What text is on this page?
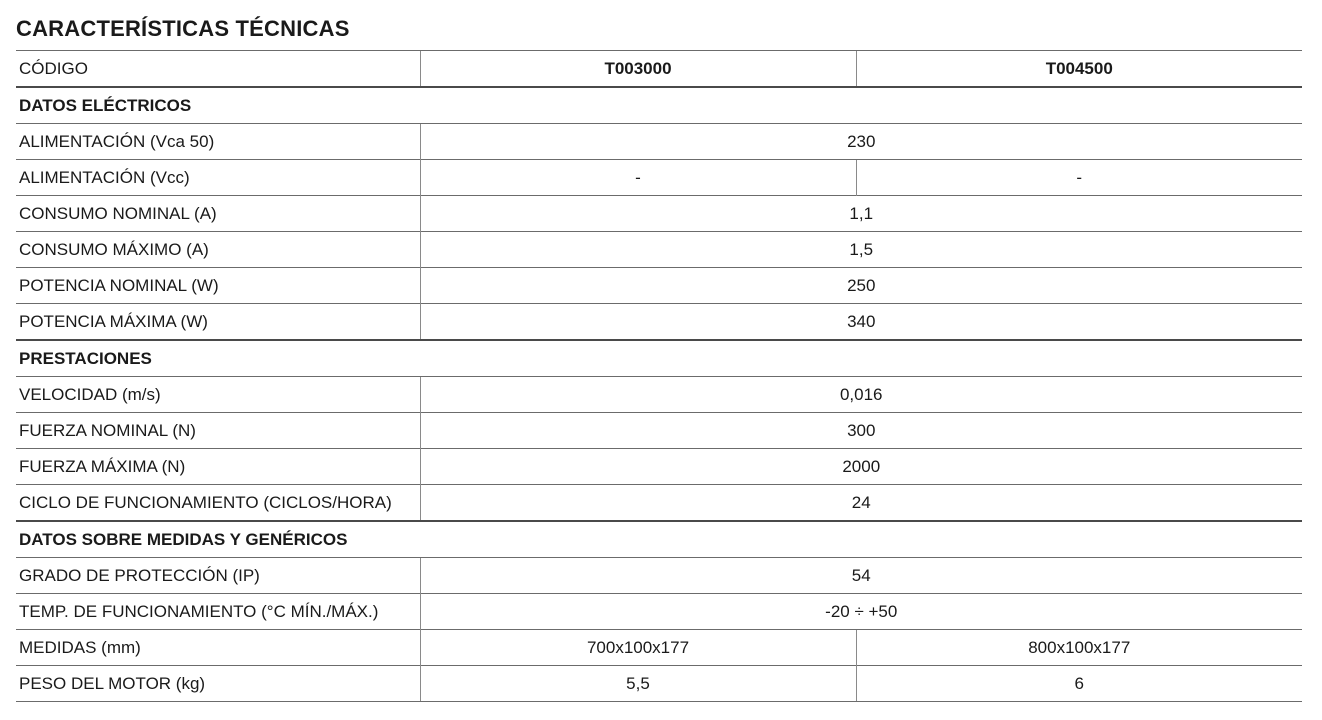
CARACTERÍSTICAS TÉCNICAS
CÓDIGO	T003000	T004500
DATOS ELÉCTRICOS		
ALIMENTACIÓN (Vca 50)	230	
ALIMENTACIÓN (Vcc)	-	-
CONSUMO NOMINAL (A)	1,1	
CONSUMO MÁXIMO (A)	1,5	
POTENCIA NOMINAL (W)	250	
POTENCIA MÁXIMA (W)	340	
PRESTACIONES		
VELOCIDAD (m/s)	0,016	
FUERZA NOMINAL (N)	300	
FUERZA MÁXIMA (N)	2000	
CICLO DE FUNCIONAMIENTO (CICLOS/HORA)	24	
DATOS SOBRE MEDIDAS Y GENÉRICOS		
GRADO DE PROTECCIÓN (IP)	54	
TEMP. DE FUNCIONAMIENTO (°C MÍN./MÁX.)	-20 ÷ +50	
MEDIDAS (mm)	700x100x177	800x100x177
PESO DEL MOTOR (kg)	5,5	6
